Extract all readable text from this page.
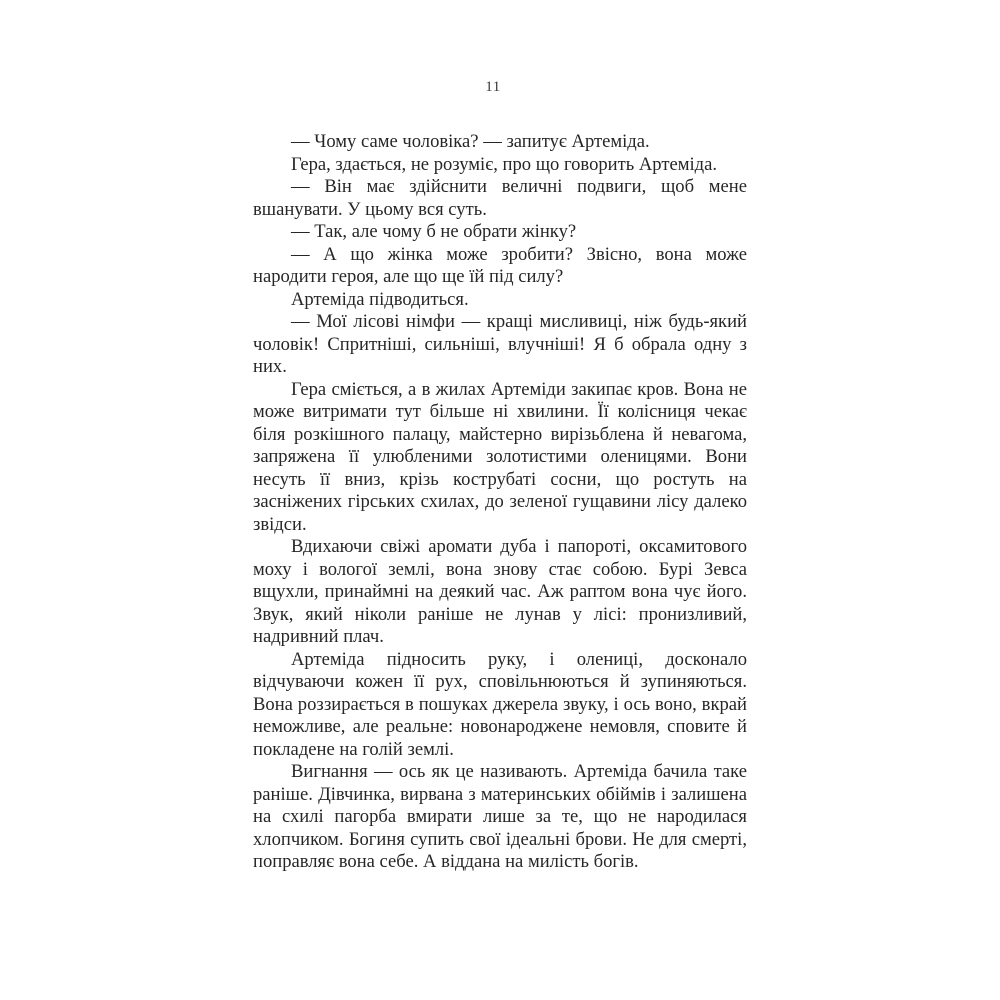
11

— Чому саме чоловіка? — запитує Артеміда.

Гера, здається, не розуміє, про що говорить Артеміда.

— Він має здійснити величні подвиги, щоб мене вшанувати. У цьому вся суть.

— Так, але чому б не обрати жінку?

— А що жінка може зробити? Звісно, вона може народити героя, але що ще їй під силу?

Артеміда підводиться.

— Мої лісові німфи — кращі мисливиці, ніж будь-який чоловік! Спритніші, сильніші, влучніші! Я б обрала одну з них.

Гера сміється, а в жилах Артеміди закипає кров. Вона не може витримати тут більше ні хвилини. Її колісниця чекає біля розкішного палацу, майстерно вирізьблена й невагома, запряжена її улюбленими золотистими оленицями. Вони несуть її вниз, крізь кострубаті сосни, що ростуть на засніжених гірських схилах, до зеленої гущавини лісу далеко звідси.

Вдихаючи свіжі аромати дуба і папороті, оксамитового моху і вологої землі, вона знову стає собою. Бурі Зевса вщухли, принаймні на деякий час. Аж раптом вона чує його. Звук, який ніколи раніше не лунав у лісі: пронизливий, надривний плач.

Артеміда підносить руку, і олениці, досконало відчуваючи кожен її рух, сповільнюються й зупиняються. Вона роззирається в пошуках джерела звуку, і ось воно, вкрай неможливе, але реальне: новонароджене немовля, сповите й покладене на голій землі.

Вигнання — ось як це називають. Артеміда бачила таке раніше. Дівчинка, вирвана з материнських обіймів і залишена на схилі пагорба вмирати лише за те, що не народилася хлопчиком. Богиня супить свої ідеальні брови. Не для смерті, поправляє вона себе. А віддана на милість богів.
